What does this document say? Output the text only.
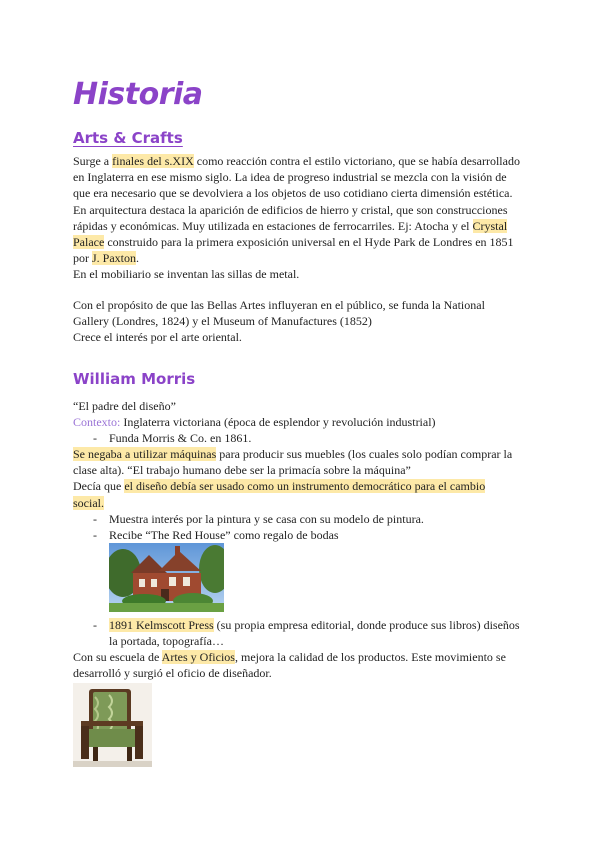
Historia
Arts & Crafts
Surge a finales del s.XIX como reacción contra el estilo victoriano, que se había desarrollado
en Inglaterra en ese mismo siglo. La idea de progreso industrial se mezcla con la visión de
que era necesario que se devolviera a los objetos de uso cotidiano cierta dimensión estética.
En arquitectura destaca la aparición de edificios de hierro y cristal, que son construcciones
rápidas y económicas. Muy utilizada en estaciones de ferrocarriles. Ej: Atocha y el Crystal
Palace construido para la primera exposición universal en el Hyde Park de Londres en 1851
por J. Paxton.
En el mobiliario se inventan las sillas de metal.
Con el propósito de que las Bellas Artes influyeran en el público, se funda la National
Gallery (Londres, 1824) y el Museum of Manufactures (1852)
Crece el interés por el arte oriental.
William Morris
“El padre del diseño”
Contexto: Inglaterra victoriana (época de esplendor y revolución industrial)
- Funda Morris & Co. en 1861.
Se negaba a utilizar máquinas para producir sus muebles (los cuales solo podían comprar la
clase alta). “El trabajo humano debe ser la primacía sobre la máquina”
Decía que el diseño debía ser usado como un instrumento democrático para el cambio
social.
- Muestra interés por la pintura y se casa con su modelo de pintura.
- Recibe “The Red House” como regalo de bodas
- 1891 Kelmscott Press (su propia empresa editorial, donde produce sus libros) diseños
la portada, topografía…
Con su escuela de Artes y Oficios, mejora la calidad de los productos. Este movimiento se
desarrolló y surgió el oficio de diseñador.
